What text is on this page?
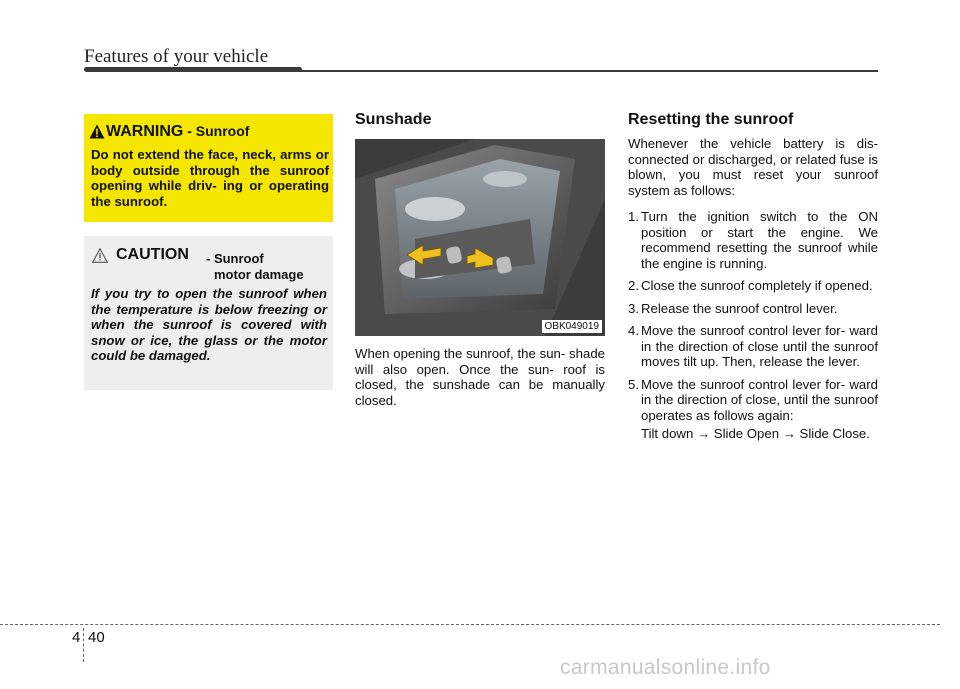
Features of your vehicle
WARNING - Sunroof
Do not extend the face, neck, arms or body outside through the sunroof opening while driv- ing or operating the sunroof.
CAUTION - Sunroof
motor damage
If you try to open the sunroof when the temperature is below freezing or when the sunroof is covered with snow or ice, the glass or the motor could be damaged.
Sunshade
OBK049019
When opening the sunroof, the sun- shade will also open. Once the sun- roof is closed, the sunshade can be manually closed.
Resetting the sunroof
Whenever the vehicle battery is dis- connected or discharged, or related fuse is blown, you must reset your sunroof system as follows:
1. Turn the ignition switch to the ON position or start the engine. We recommend resetting the sunroof while the engine is running.
2. Close the sunroof completely if opened.
3. Release the sunroof control lever.
4. Move the sunroof control lever for- ward in the direction of close until the sunroof moves tilt up. Then, release the lever.
5. Move the sunroof control lever for- ward in the direction of close, until the sunroof operates as follows again:
Tilt down → Slide Open → Slide Close.
4 40
carmanualsonline.info
